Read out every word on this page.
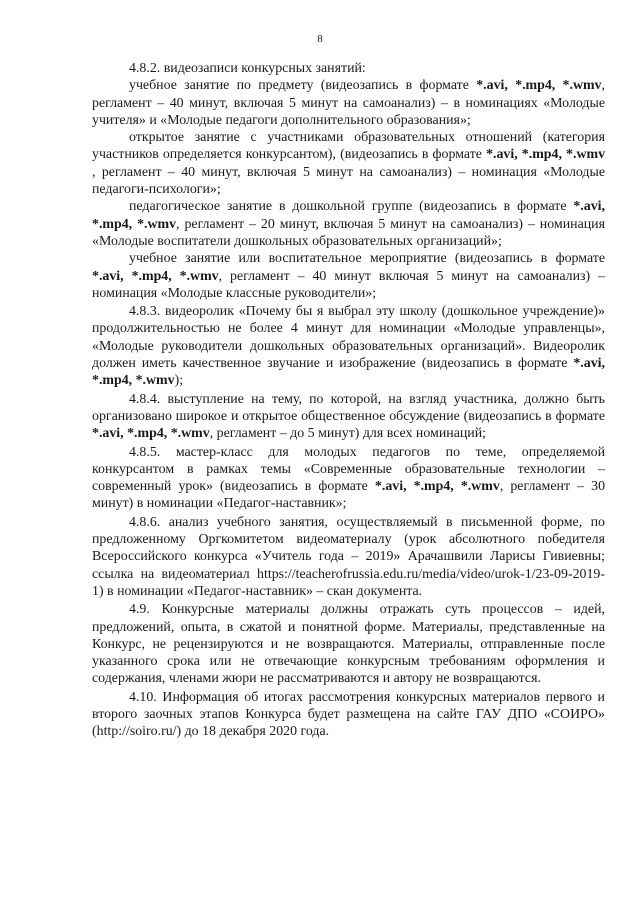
8

4.8.2. видеозаписи конкурсных занятий:

учебное занятие по предмету (видеозапись в формате *.avi, *.mp4, *.wmv, регламент – 40 минут, включая 5 минут на самоанализ) – в номинациях «Молодые учителя» и «Молодые педагоги дополнительного образования»;

открытое занятие с участниками образовательных отношений (категория участников определяется конкурсантом), (видеозапись в формате *.avi, *.mp4, *.wmv , регламент – 40 минут, включая 5 минут на самоанализ) – номинация «Молодые педагоги-психологи»;

педагогическое занятие в дошкольной группе (видеозапись в формате *.avi, *.mp4, *.wmv, регламент – 20 минут, включая 5 минут на самоанализ) – номинация «Молодые воспитатели дошкольных образовательных организаций»;

учебное занятие или воспитательное мероприятие (видеозапись в формате *.avi, *.mp4, *.wmv, регламент – 40 минут включая 5 минут на самоанализ) – номинация «Молодые классные руководители»;

4.8.3. видеоролик «Почему бы я выбрал эту школу (дошкольное учреждение)» продолжительностью не более 4 минут для номинации «Молодые управленцы», «Молодые руководители дошкольных образовательных организаций». Видеоролик должен иметь качественное звучание и изображение (видеозапись в формате *.avi, *.mp4, *.wmv);

4.8.4. выступление на тему, по которой, на взгляд участника, должно быть организовано широкое и открытое общественное обсуждение (видеозапись в формате *.avi, *.mp4, *.wmv, регламент – до 5 минут) для всех номинаций;

4.8.5. мастер-класс для молодых педагогов по теме, определяемой конкурсантом в рамках темы «Современные образовательные технологии – современный урок» (видеозапись в формате *.avi, *.mp4, *.wmv, регламент – 30 минут) в номинации «Педагог-наставник»;

4.8.6. анализ учебного занятия, осуществляемый в письменной форме, по предложенному Оргкомитетом видеоматериалу (урок абсолютного победителя Всероссийского конкурса «Учитель года – 2019» Арачашвили Ларисы Гивиевны; ссылка на видеоматериал https://teacherofrussia.edu.ru/media/video/urok-1/23-09-2019-1) в номинации «Педагог-наставник» – скан документа.

4.9. Конкурсные материалы должны отражать суть процессов – идей, предложений, опыта, в сжатой и понятной форме. Материалы, представленные на Конкурс, не рецензируются и не возвращаются. Материалы, отправленные после указанного срока или не отвечающие конкурсным требованиям оформления и содержания, членами жюри не рассматриваются и автору не возвращаются.

4.10. Информация об итогах рассмотрения конкурсных материалов первого и второго заочных этапов Конкурса будет размещена на сайте ГАУ ДПО «СОИРО» (http://soiro.ru/) до 18 декабря 2020 года.
